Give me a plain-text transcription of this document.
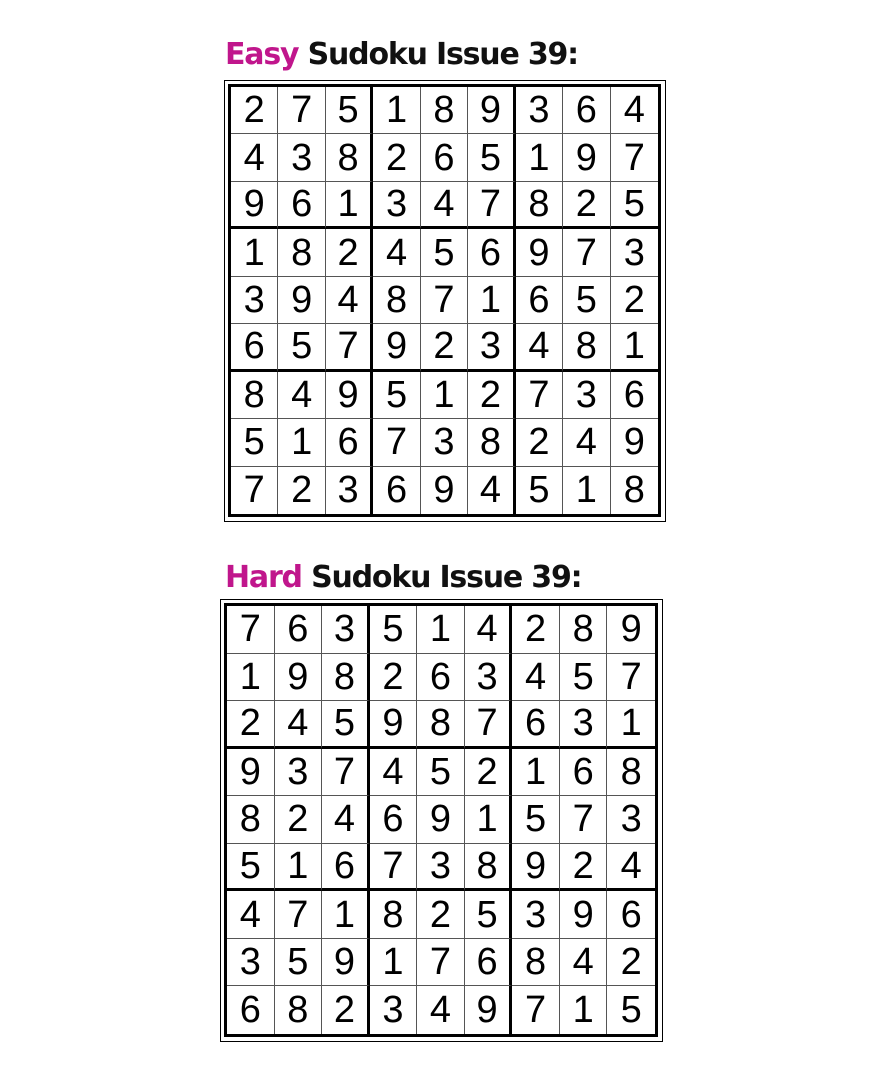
Easy Sudoku Issue 39:
2 7 5 1 8 9 3 6 4
4 3 8 2 6 5 1 9 7
9 6 1 3 4 7 8 2 5
1 8 2 4 5 6 9 7 3
3 9 4 8 7 1 6 5 2
6 5 7 9 2 3 4 8 1
8 4 9 5 1 2 7 3 6
5 1 6 7 3 8 2 4 9
7 2 3 6 9 4 5 1 8
Hard Sudoku Issue 39:
7 6 3 5 1 4 2 8 9
1 9 8 2 6 3 4 5 7
2 4 5 9 8 7 6 3 1
9 3 7 4 5 2 1 6 8
8 2 4 6 9 1 5 7 3
5 1 6 7 3 8 9 2 4
4 7 1 8 2 5 3 9 6
3 5 9 1 7 6 8 4 2
6 8 2 3 4 9 7 1 5
